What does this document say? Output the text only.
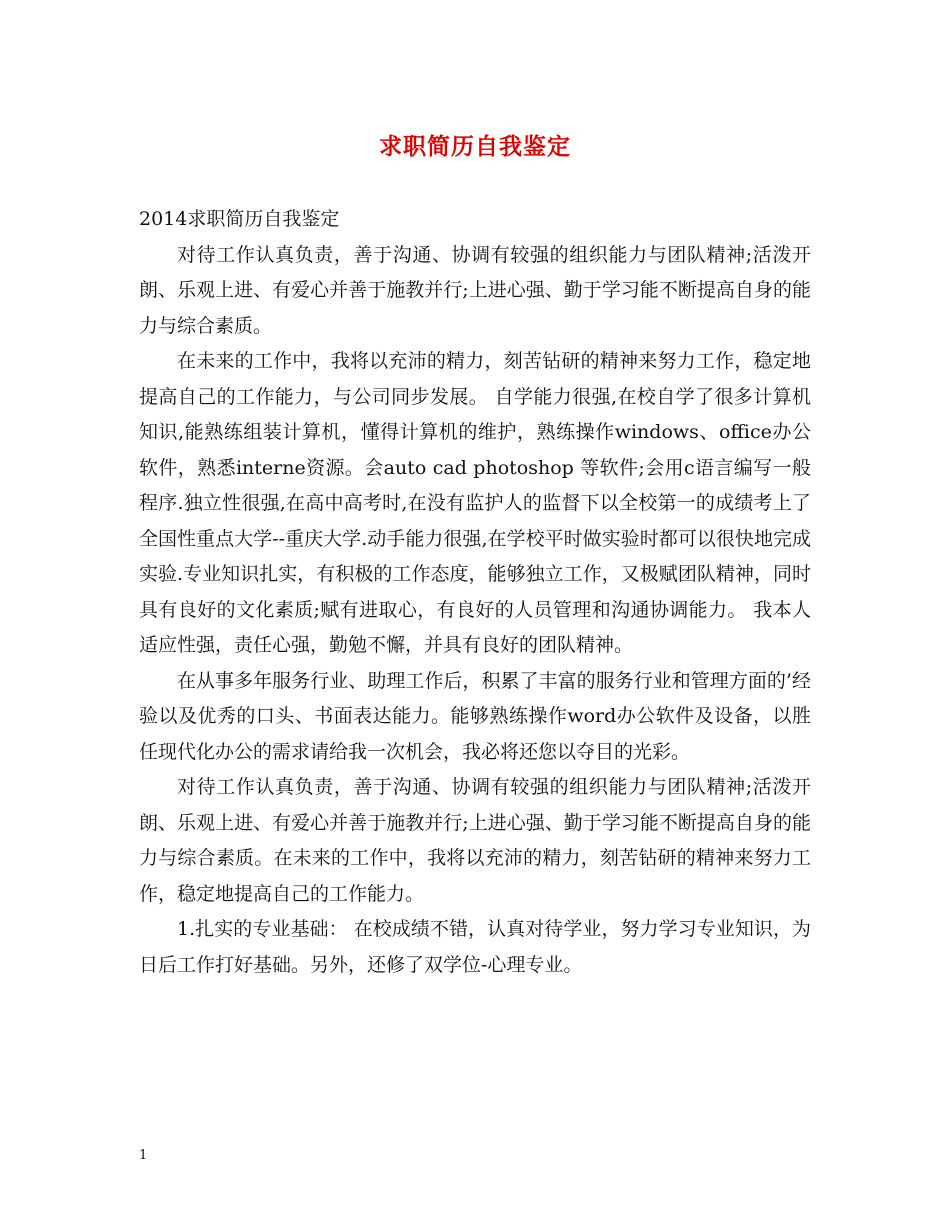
求职简历自我鉴定

2014求职简历自我鉴定

对待工作认真负责，善于沟通、协调有较强的组织能力与团队精神;活泼开朗、乐观上进、有爱心并善于施教并行;上进心强、勤于学习能不断提高自身的能力与综合素质。

在未来的工作中，我将以充沛的精力，刻苦钻研的精神来努力工作，稳定地提高自己的工作能力，与公司同步发展。 自学能力很强,在校自学了很多计算机知识,能熟练组装计算机，懂得计算机的维护，熟练操作windows、office办公软件，熟悉interne资源。会auto cad photoshop 等软件;会用c语言编写一般程序.独立性很强,在高中高考时,在没有监护人的监督下以全校第一的成绩考上了全国性重点大学--重庆大学.动手能力很强,在学校平时做实验时都可以很快地完成实验.专业知识扎实，有积极的工作态度，能够独立工作，又极赋团队精神，同时具有良好的文化素质;赋有进取心，有良好的人员管理和沟通协调能力。 我本人适应性强，责任心强，勤勉不懈，并具有良好的团队精神。

在从事多年服务行业、助理工作后，积累了丰富的服务行业和管理方面的’经验以及优秀的口头、书面表达能力。能够熟练操作word办公软件及设备，以胜任现代化办公的需求请给我一次机会，我必将还您以夺目的光彩。

对待工作认真负责，善于沟通、协调有较强的组织能力与团队精神;活泼开朗、乐观上进、有爱心并善于施教并行;上进心强、勤于学习能不断提高自身的能力与综合素质。在未来的工作中，我将以充沛的精力，刻苦钻研的精神来努力工作，稳定地提高自己的工作能力。

1.扎实的专业基础： 在校成绩不错，认真对待学业，努力学习专业知识，为日后工作打好基础。另外，还修了双学位-心理专业。

1
